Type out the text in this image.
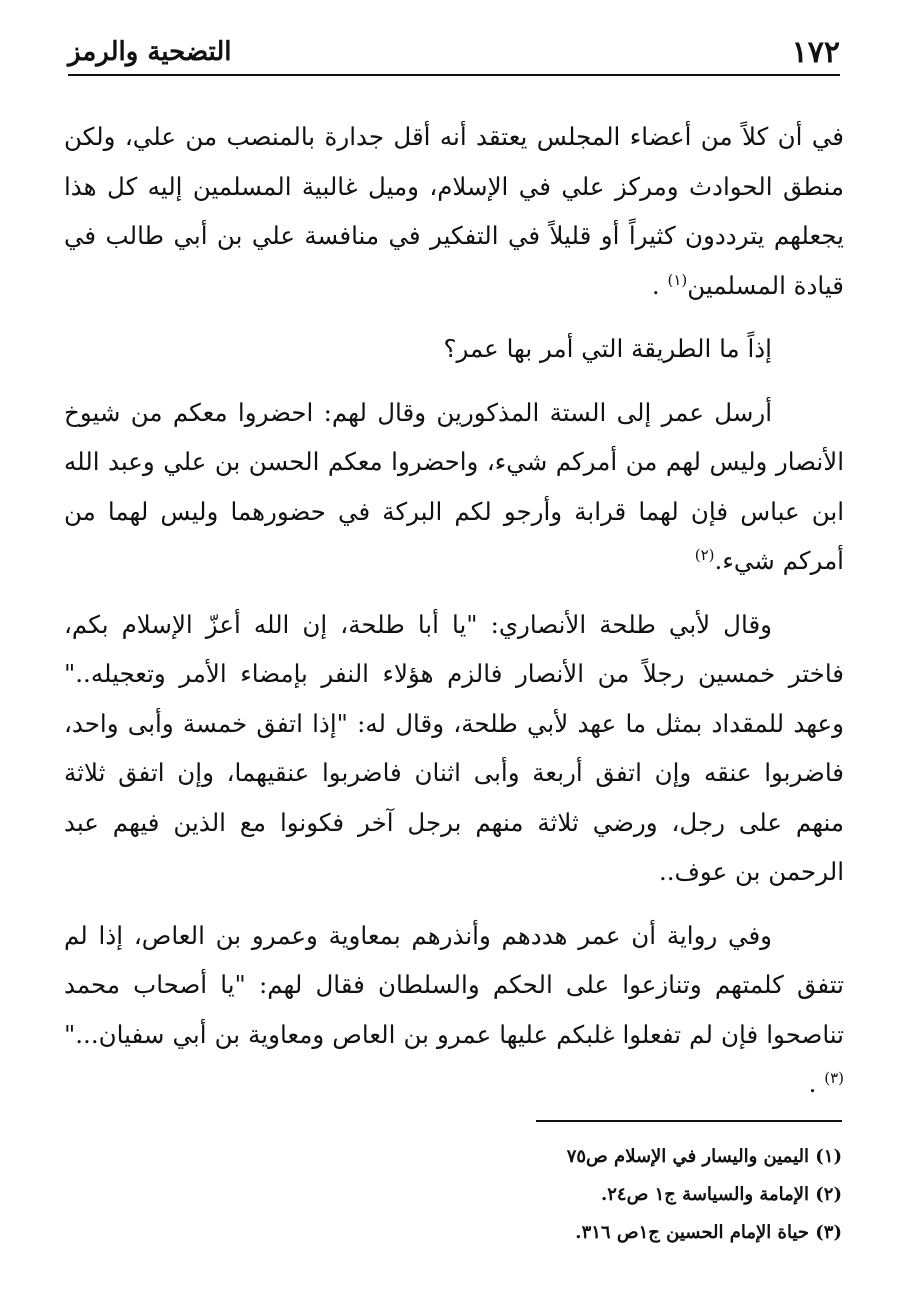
١٧٢
التضحية والرمز

في أن كلاً من أعضاء المجلس يعتقد أنه أقل جدارة بالمنصب من علي، ولكن منطق الحوادث ومركز علي في الإسلام، وميل غالبية المسلمين إليه كل هذا يجعلهم يترددون كثيراً أو قليلاً في التفكير في منافسة علي بن أبي طالب في قيادة المسلمين$^{(١)}$ .

إذاً ما الطريقة التي أمر بها عمر؟

أرسل عمر إلى الستة المذكورين وقال لهم: احضروا معكم من شيوخ الأنصار وليس لهم من أمركم شيء، واحضروا معكم الحسن بن علي وعبد الله ابن عباس فإن لهما قرابة وأرجو لكم البركة في حضورهما وليس لهما من أمركم شيء.$^{(٢)}$

وقال لأبي طلحة الأنصاري: "يا أبا طلحة، إن الله أعزّ الإسلام بكم، فاختر خمسين رجلاً من الأنصار فالزم هؤلاء النفر بإمضاء الأمر وتعجيله.." وعهد للمقداد بمثل ما عهد لأبي طلحة، وقال له: "إذا اتفق خمسة وأبى واحد، فاضربوا عنقه وإن اتفق أربعة وأبى اثنان فاضربوا عنقيهما، وإن اتفق ثلاثة منهم على رجل، ورضي ثلاثة منهم برجل آخر فكونوا مع الذين فيهم عبد الرحمن بن عوف..

وفي رواية أن عمر هددهم وأنذرهم بمعاوية وعمرو بن العاص، إذا لم تتفق كلمتهم وتنازعوا على الحكم والسلطان فقال لهم: "يا أصحاب محمد تناصحوا فإن لم تفعلوا غلبكم عليها عمرو بن العاص ومعاوية بن أبي سفيان..."$^{(٣)}$ .

(١) اليمين واليسار في الإسلام ص٧٥
(٢) الإمامة والسياسة ج١ ص٢٤.
(٣) حياة الإمام الحسين ج١ص ٣١٦.
